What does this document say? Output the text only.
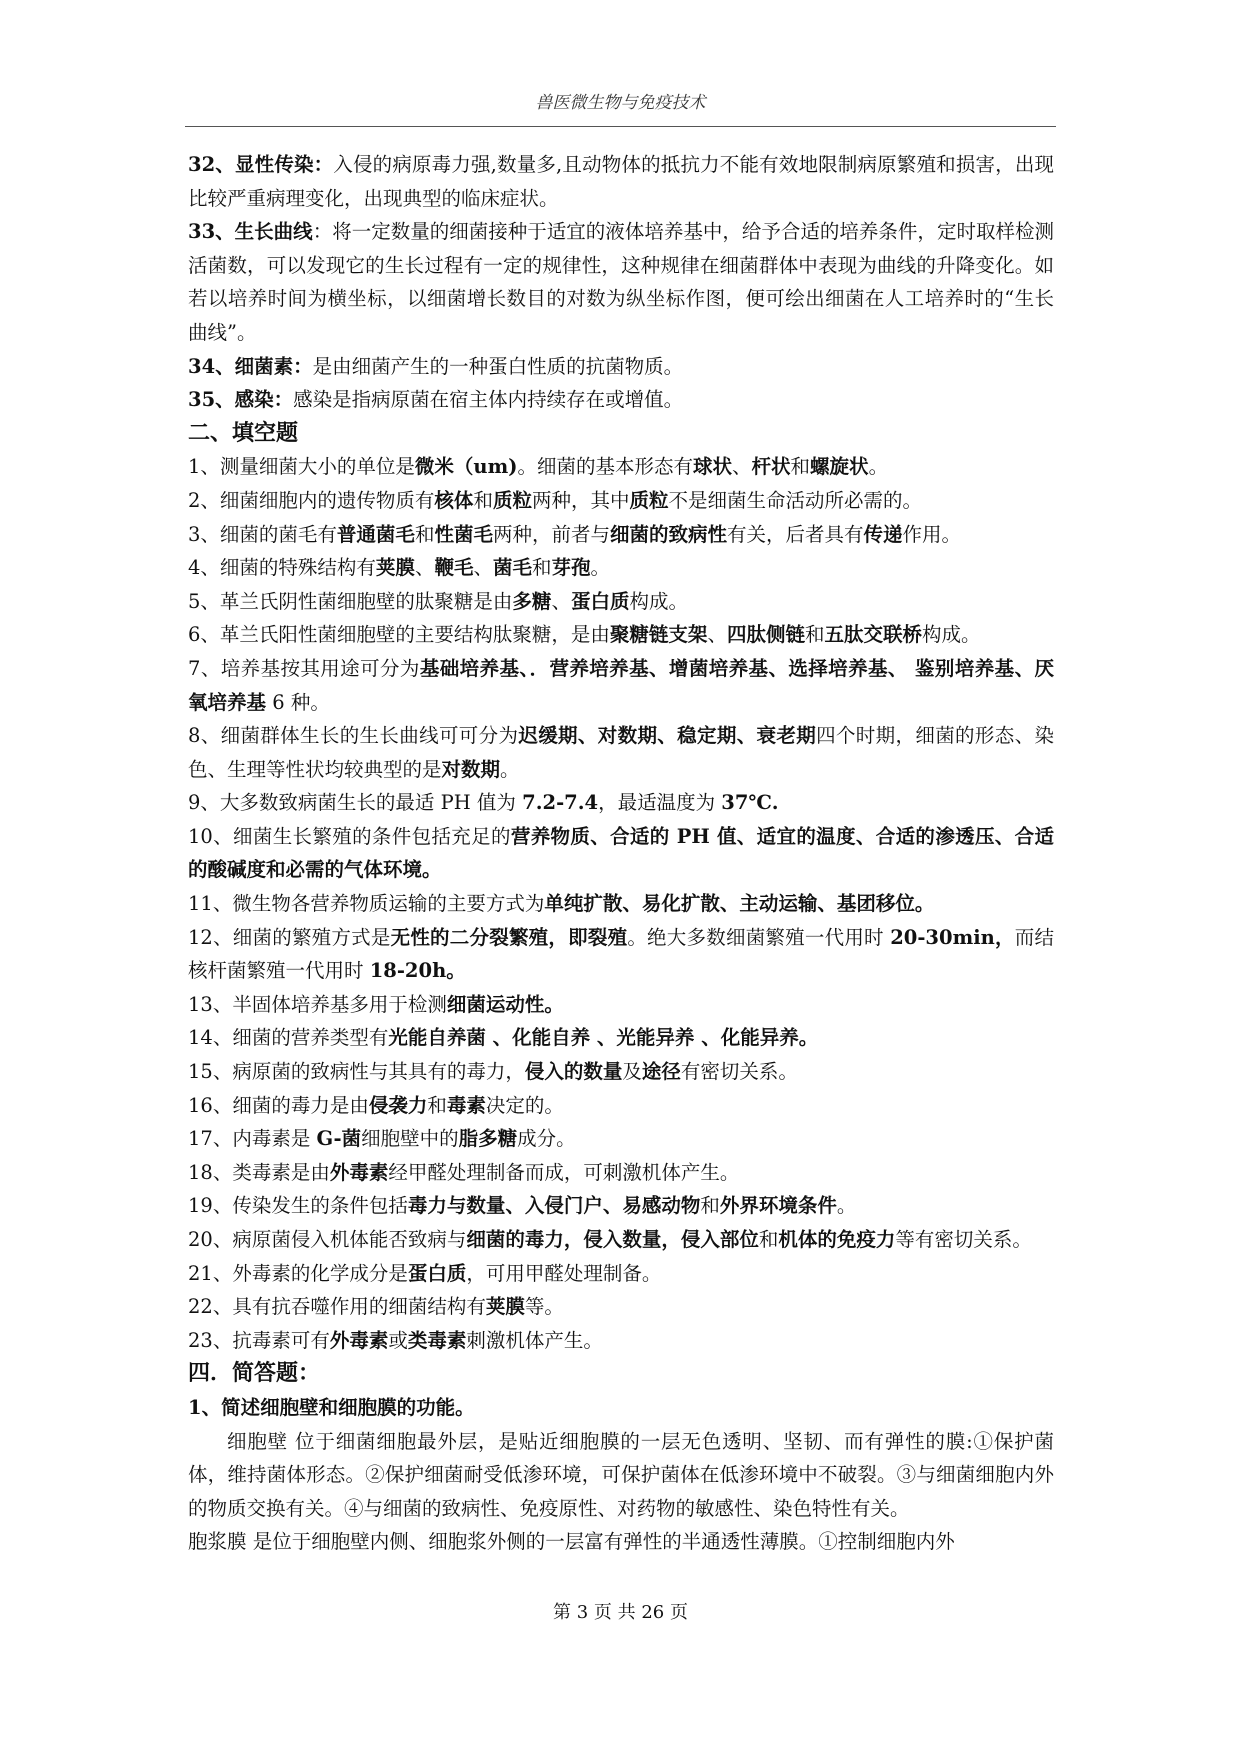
兽医微生物与免疫技术

32、显性传染：入侵的病原毒力强,数量多,且动物体的抵抗力不能有效地限制病原繁殖和损害，出现比较严重病理变化，出现典型的临床症状。

33、生长曲线：将一定数量的细菌接种于适宜的液体培养基中，给予合适的培养条件，定时取样检测活菌数，可以发现它的生长过程有一定的规律性，这种规律在细菌群体中表现为曲线的升降变化。如若以培养时间为横坐标，以细菌增长数目的对数为纵坐标作图，便可绘出细菌在人工培养时的“生长曲线”。

34、细菌素：是由细菌产生的一种蛋白性质的抗菌物质。

35、感染：感染是指病原菌在宿主体内持续存在或增值。

二、填空题

1、测量细菌大小的单位是微米（um)。细菌的基本形态有球状、杆状和螺旋状。

2、细菌细胞内的遗传物质有核体和质粒两种，其中质粒不是细菌生命活动所必需的。

3、细菌的菌毛有普通菌毛和性菌毛两种，前者与细菌的致病性有关，后者具有传递作用。

4、细菌的特殊结构有荚膜、鞭毛、菌毛和芽孢。

5、革兰氏阴性菌细胞壁的肽聚糖是由多糖、蛋白质构成。

6、革兰氏阳性菌细胞壁的主要结构肽聚糖，是由聚糖链支架、四肽侧链和五肽交联桥构成。

7、培养基按其用途可分为基础培养基、．营养培养基、增菌培养基、选择培养基、 鉴别培养基、厌氧培养基 6 种。

8、细菌群体生长的生长曲线可可分为迟缓期、对数期、稳定期、衰老期四个时期，细菌的形态、染色、生理等性状均较典型的是对数期。

9、大多数致病菌生长的最适 PH 值为 7.2-7.4，最适温度为 37℃.

10、细菌生长繁殖的条件包括充足的营养物质、合适的 PH 值、适宜的温度、合适的渗透压、合适的酸碱度和必需的气体环境。

11、微生物各营养物质运输的主要方式为单纯扩散、易化扩散、主动运输、基团移位。

12、细菌的繁殖方式是无性的二分裂繁殖，即裂殖。绝大多数细菌繁殖一代用时 20-30min，而结核杆菌繁殖一代用时 18-20h。

13、半固体培养基多用于检测细菌运动性。

14、细菌的营养类型有光能自养菌 、化能自养 、光能异养 、化能异养。

15、病原菌的致病性与其具有的毒力，侵入的数量及途径有密切关系。

16、细菌的毒力是由侵袭力和毒素决定的。

17、内毒素是 G-菌细胞壁中的脂多糖成分。

18、类毒素是由外毒素经甲醛处理制备而成，可刺激机体产生。

19、传染发生的条件包括毒力与数量、入侵门户、易感动物和外界环境条件。

20、病原菌侵入机体能否致病与细菌的毒力，侵入数量，侵入部位和机体的免疫力等有密切关系。

21、外毒素的化学成分是蛋白质，可用甲醛处理制备。

22、具有抗吞噬作用的细菌结构有荚膜等。

23、抗毒素可有外毒素或类毒素刺激机体产生。

四．简答题：

1、简述细胞壁和细胞膜的功能。

细胞壁 位于细菌细胞最外层，是贴近细胞膜的一层无色透明、坚韧、而有弹性的膜:①保护菌体，维持菌体形态。②保护细菌耐受低渗环境，可保护菌体在低渗环境中不破裂。③与细菌细胞内外的物质交换有关。④与细菌的致病性、免疫原性、对药物的敏感性、染色特性有关。

胞浆膜 是位于细胞壁内侧、细胞浆外侧的一层富有弹性的半通透性薄膜。①控制细胞内外

第 3 页 共 26 页
